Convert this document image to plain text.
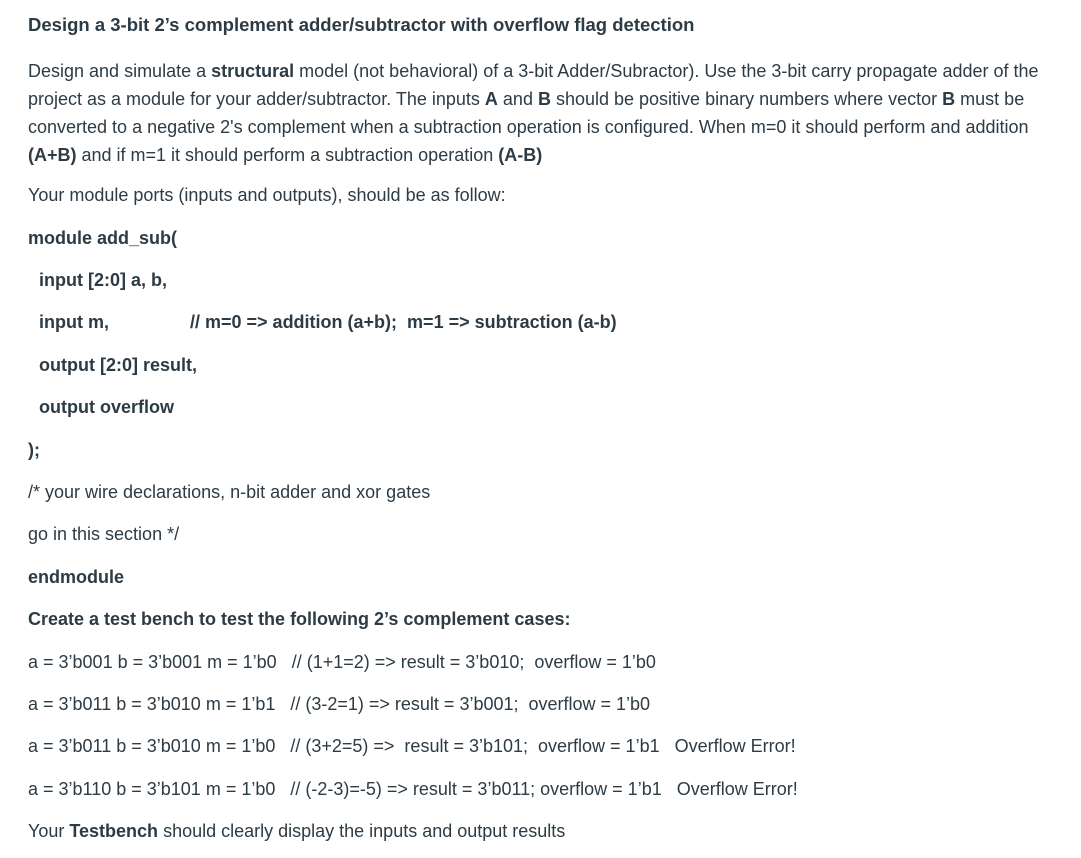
Design a 3-bit 2’s complement adder/subtractor with overflow flag detection
Design and simulate a structural model (not behavioral) of a 3-bit Adder/Subractor). Use the 3-bit carry propagate adder of the project as a module for your adder/subtractor. The inputs A and B should be positive binary numbers where vector B must be converted to a negative 2's complement when a subtraction operation is configured. When m=0 it should perform and addition (A+B) and if m=1 it should perform a subtraction operation (A-B)
Your module ports (inputs and outputs), should be as follow:
module add_sub(
input [2:0] a, b,
input m,	// m=0 => addition (a+b);  m=1 => subtraction (a-b)
output [2:0] result,
output overflow
);
/* your wire declarations, n-bit adder and xor gates
go in this section */
endmodule
Create a test bench to test the following 2’s complement cases:
a = 3’b001 b = 3’b001 m = 1’b0   // (1+1=2) => result = 3’b010;  overflow = 1’b0
a = 3’b011 b = 3’b010 m = 1’b1   // (3-2=1) => result = 3’b001;  overflow = 1’b0
a = 3’b011 b = 3’b010 m = 1’b0   // (3+2=5) =>  result = 3’b101;  overflow = 1’b1   Overflow Error!
a = 3’b110 b = 3’b101 m = 1’b0   // (-2-3)=-5) => result = 3’b011; overflow = 1’b1   Overflow Error!
Your Testbench should clearly display the inputs and output results
